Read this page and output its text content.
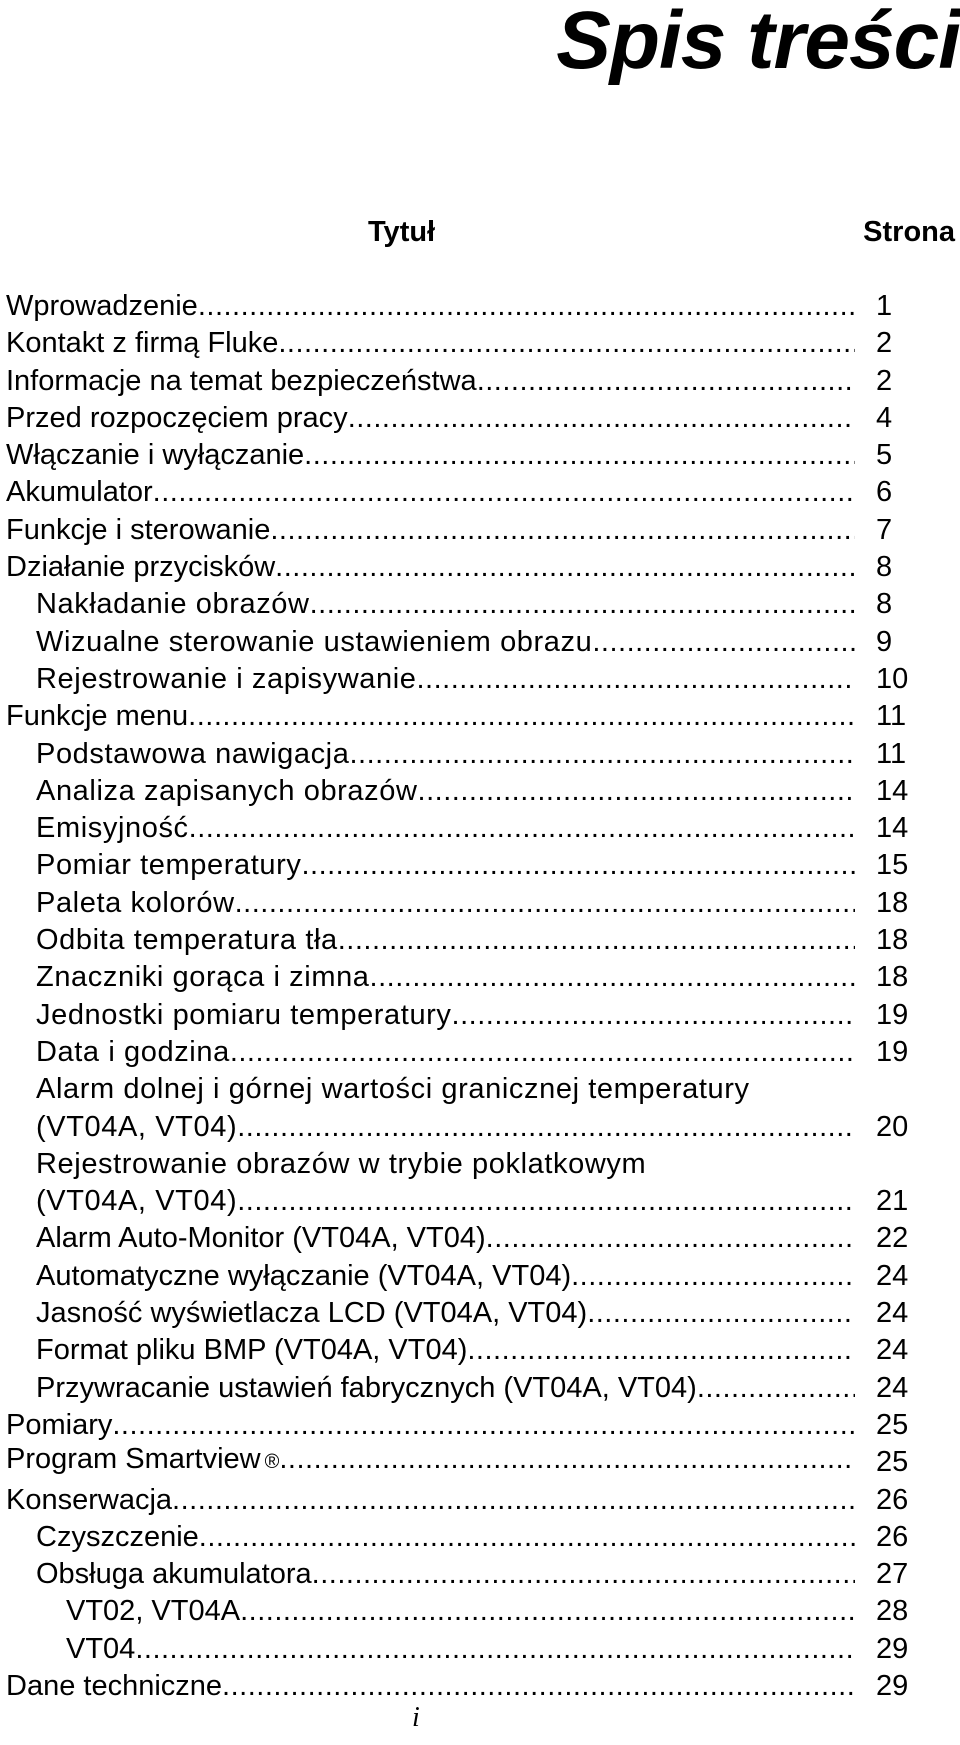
Spis treści
Tytuł	Strona
Wprowadzenie .....	1
Kontakt z firmą Fluke .....	2
Informacje na temat bezpieczeństwa .....	2
Przed rozpoczęciem pracy .....	4
Włączanie i wyłączanie .....	5
Akumulator .....	6
Funkcje i sterowanie .....	7
Działanie przycisków .....	8
Nakładanie obrazów .....	8
Wizualne sterowanie ustawieniem obrazu .....	9
Rejestrowanie i zapisywanie .....	10
Funkcje menu .....	11
Podstawowa nawigacja .....	11
Analiza zapisanych obrazów .....	14
Emisyjność .....	14
Pomiar temperatury .....	15
Paleta kolorów .....	18
Odbita temperatura tła .....	18
Znaczniki gorąca i zimna .....	18
Jednostki pomiaru temperatury .....	19
Data i godzina .....	19
Alarm dolnej i górnej wartości granicznej temperatury
(VT04A, VT04) .....	20
Rejestrowanie obrazów w trybie poklatkowym
(VT04A, VT04) .....	21
Alarm Auto-Monitor (VT04A, VT04) .....	22
Automatyczne wyłączanie (VT04A, VT04) .....	24
Jasność wyświetlacza LCD (VT04A, VT04) .....	24
Format pliku BMP (VT04A, VT04) .....	24
Przywracanie ustawień fabrycznych (VT04A, VT04) .....	24
Pomiary .....	25
Program Smartview ® .....	25
Konserwacja .....	26
Czyszczenie .....	26
Obsługa akumulatora .....	27
VT02, VT04A .....	28
VT04 .....	29
Dane techniczne .....	29
i
